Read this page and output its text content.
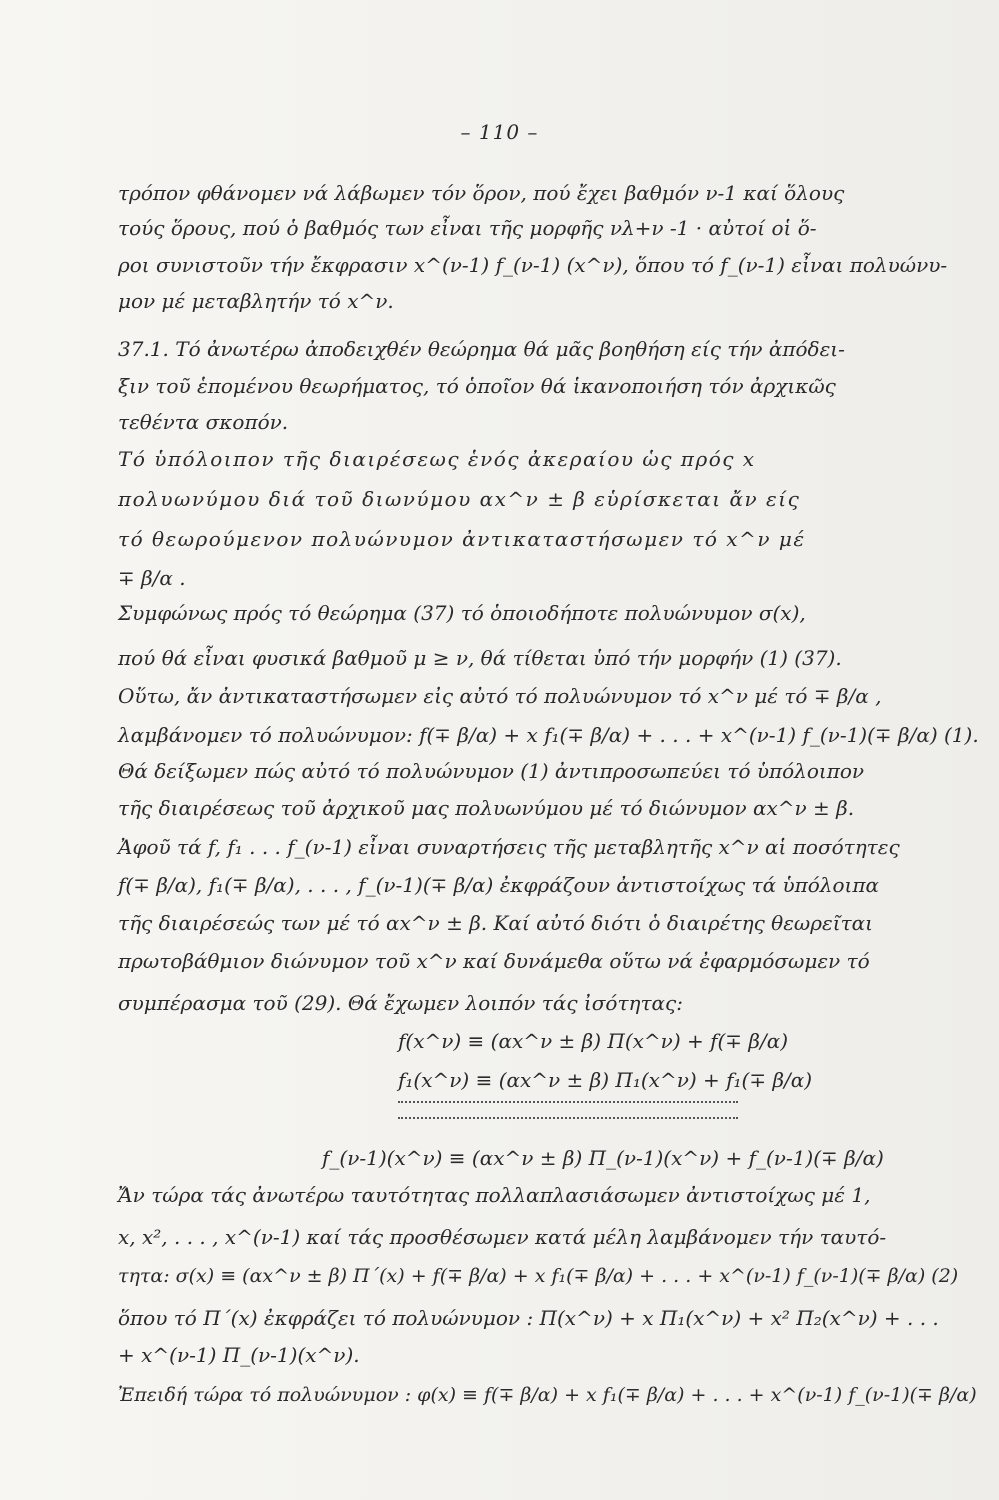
– 110 –
τρόπον φθάνομεν νά λάβωμεν τόν ὅρον, πού ἔχει βαθμόν ν-1 καί ὅλους
τούς ὅρους, πού ὁ βαθμός των εἶναι τῆς μορφῆς νλ+ν -1 · αὐτοί οἱ ὅ-
ροι συνιστοῦν τήν ἔκφρασιν x^(ν-1) f_(ν-1) (x^ν), ὅπου τό f_(ν-1) εἶναι πολυώνυ-
μον μέ μεταβλητήν τό x^ν.
37.1. Τό ἀνωτέρω ἀποδειχθέν θεώρημα θά μᾶς βοηθήση είς τήν ἀπόδει-
ξιν τοῦ ἑπομένου θεωρήματος, τό ὁποῖον θά ἱκανοποιήση τόν ἀρχικῶς
τεθέντα σκοπόν.
Τό ὑπόλοιπον τῆς διαιρέσεως ἑνός ἀκεραίου ὡς πρός x
πολυωνύμου διά τοῦ διωνύμου αx^ν ± β εὑρίσκεται ἄν είς
τό θεωρούμενον πολυώνυμον ἀντικαταστήσωμεν τό x^ν μέ
∓ β/α .
Συμφώνως πρός τό θεώρημα (37) τό ὁποιοδήποτε πολυώνυμον σ(x),
πού θά εἶναι φυσικά βαθμοῦ μ ≥ ν, θά τίθεται ὑπό τήν μορφήν (1) (37).
Οὕτω, ἄν ἀντικαταστήσωμεν εἰς αὐτό τό πολυώνυμον τό x^ν μέ τό ∓ β/α ,
λαμβάνομεν τό πολυώνυμον: f(∓ β/α) + x f₁(∓ β/α) + . . . + x^(ν-1) f_(ν-1)(∓ β/α) (1).
Θά δείξωμεν πώς αὐτό τό πολυώνυμον (1) ἀντιπροσωπεύει τό ὑπόλοιπον
τῆς διαιρέσεως τοῦ ἀρχικοῦ μας πολυωνύμου μέ τό διώνυμον αx^ν ± β.
Ἀφοῦ τά f, f₁ . . . f_(ν-1) εἶναι συναρτήσεις τῆς μεταβλητῆς x^ν αἱ ποσότητες
f(∓ β/α), f₁(∓ β/α), . . . , f_(ν-1)(∓ β/α) ἐκφράζουν ἀντιστοίχως τά ὑπόλοιπα
τῆς διαιρέσεώς των μέ τό αx^ν ± β. Καί αὐτό διότι ὁ διαιρέτης θεωρεῖται
πρωτοβάθμιον διώνυμον τοῦ x^ν καί δυνάμεθα οὕτω νά ἐφαρμόσωμεν τό
συμπέρασμα τοῦ (29). Θά ἔχωμεν λοιπόν τάς ἰσότητας:
f(x^ν) ≡ (αx^ν ± β) Π(x^ν) + f(∓ β/α)
f₁(x^ν) ≡ (αx^ν ± β) Π₁(x^ν) + f₁(∓ β/α)
f_(ν-1)(x^ν) ≡ (αx^ν ± β) Π_(ν-1)(x^ν) + f_(ν-1)(∓ β/α)
Ἄν τώρα τάς ἀνωτέρω ταυτότητας πολλαπλασιάσωμεν ἀντιστοίχως μέ 1,
x, x², . . . , x^(ν-1) καί τάς προσθέσωμεν κατά μέλη λαμβάνομεν τήν ταυτό-
τητα: σ(x) ≡ (αx^ν ± β) Π΄(x) + f(∓ β/α) + x f₁(∓ β/α) + . . . + x^(ν-1) f_(ν-1)(∓ β/α) (2)
ὅπου τό Π΄(x) ἐκφράζει τό πολυώνυμον : Π(x^ν) + x Π₁(x^ν) + x² Π₂(x^ν) + . . .
+ x^(ν-1) Π_(ν-1)(x^ν).
Ἐπειδή τώρα τό πολυώνυμον : φ(x) ≡ f(∓ β/α) + x f₁(∓ β/α) + . . . + x^(ν-1) f_(ν-1)(∓ β/α)
